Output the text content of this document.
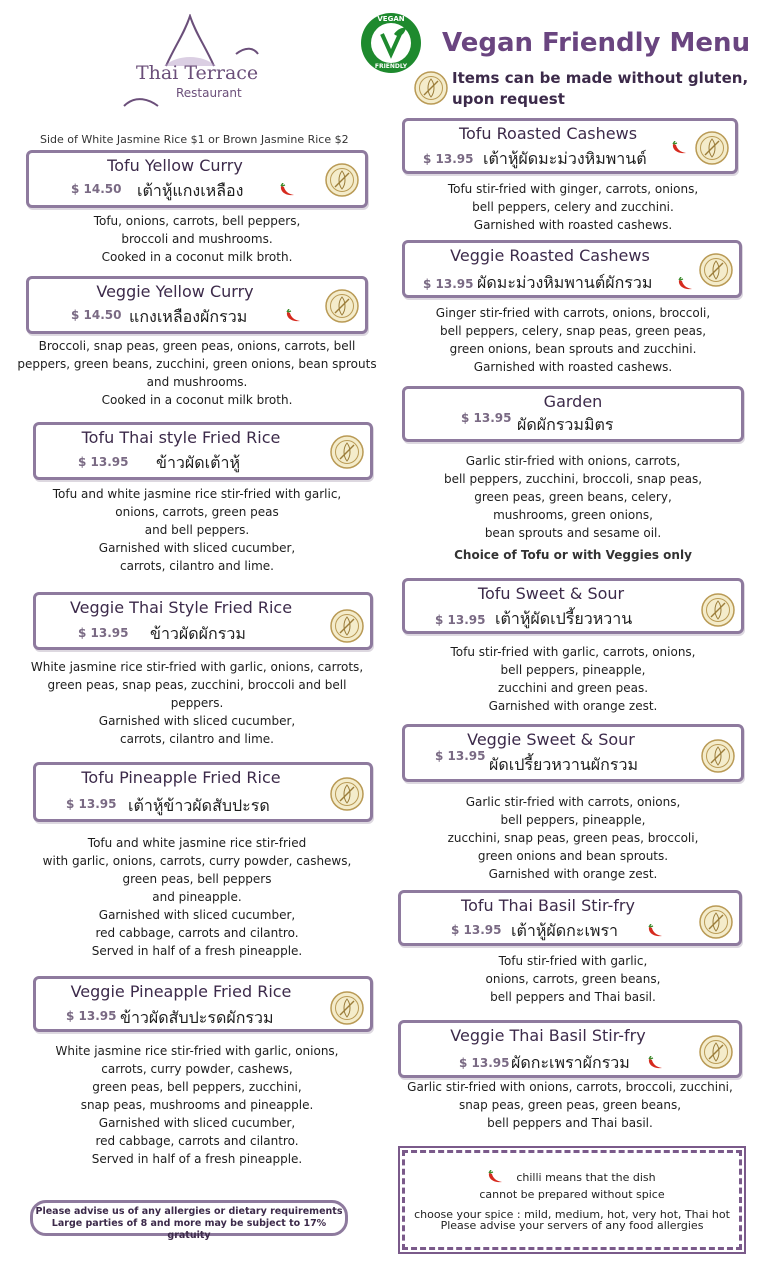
Thai Terrace
Restaurant
VEGAN
FRIENDLY
Vegan Friendly Menu
Items can be made without gluten,
upon request
Side of White Jasmine Rice $1 or Brown Jasmine Rice $2
Tofu Yellow Curry
$ 14.50 เต้าหู้แกงเหลือง
Tofu, onions, carrots, bell peppers,
broccoli and mushrooms.
Cooked in a coconut milk broth.
Veggie Yellow Curry
$ 14.50 แกงเหลืองผักรวม
Broccoli, snap peas, green peas, onions, carrots, bell
peppers, green beans, zucchini, green onions, bean sprouts
and mushrooms.
Cooked in a coconut milk broth.
Tofu Thai style Fried Rice
$ 13.95 ข้าวผัดเต้าหู้
Tofu and white jasmine rice stir-fried with garlic,
onions, carrots, green peas
and bell peppers.
Garnished with sliced cucumber,
carrots, cilantro and lime.
Veggie Thai Style Fried Rice
$ 13.95 ข้าวผัดผักรวม
White jasmine rice stir-fried with garlic, onions, carrots,
green peas, snap peas, zucchini, broccoli and bell
peppers.
Garnished with sliced cucumber,
carrots, cilantro and lime.
Tofu Pineapple Fried Rice
$ 13.95 เต้าหู้ข้าวผัดสับปะรด
Tofu and white jasmine rice stir-fried
with garlic, onions, carrots, curry powder, cashews,
green peas, bell peppers
and pineapple.
Garnished with sliced cucumber,
red cabbage, carrots and cilantro.
Served in half of a fresh pineapple.
Veggie Pineapple Fried Rice
$ 13.95 ข้าวผัดสับปะรดผักรวม
White jasmine rice stir-fried with garlic, onions,
carrots, curry powder, cashews,
green peas, bell peppers, zucchini,
snap peas, mushrooms and pineapple.
Garnished with sliced cucumber,
red cabbage, carrots and cilantro.
Served in half of a fresh pineapple.
Tofu Roasted Cashews
$ 13.95 เต้าหู้ผัดมะม่วงหิมพานต์
Tofu stir-fried with ginger, carrots, onions,
bell peppers, celery and zucchini.
Garnished with roasted cashews.
Veggie Roasted Cashews
$ 13.95 ผัดมะม่วงหิมพานต์ผักรวม
Ginger stir-fried with carrots, onions, broccoli,
bell peppers, celery, snap peas, green peas,
green onions, bean sprouts and zucchini.
Garnished with roasted cashews.
Garden
$ 13.95 ผัดผักรวมมิตร
Garlic stir-fried with onions, carrots,
bell peppers, zucchini, broccoli, snap peas,
green peas, green beans, celery,
mushrooms, green onions,
bean sprouts and sesame oil.
Choice of Tofu or with Veggies only
Tofu Sweet & Sour
$ 13.95 เต้าหู้ผัดเปรี้ยวหวาน
Tofu stir-fried with garlic, carrots, onions,
bell peppers, pineapple,
zucchini and green peas.
Garnished with orange zest.
Veggie Sweet & Sour
$ 13.95 ผัดเปรี้ยวหวานผักรวม
Garlic stir-fried with carrots, onions,
bell peppers, pineapple,
zucchini, snap peas, green peas, broccoli,
green onions and bean sprouts.
Garnished with orange zest.
Tofu Thai Basil Stir-fry
$ 13.95 เต้าหู้ผัดกะเพรา
Tofu stir-fried with garlic,
onions, carrots, green beans,
bell peppers and Thai basil.
Veggie Thai Basil Stir-fry
$ 13.95 ผัดกะเพราผักรวม
Garlic stir-fried with onions, carrots, broccoli, zucchini,
snap peas, green peas, green beans,
bell peppers and Thai basil.
Please advise us of any allergies or dietary requirements
Large parties of 8 and more may be subject to 17% gratuity
chilli means that the dish
cannot be prepared without spice
choose your spice : mild, medium, hot, very hot, Thai hot
Please advise your servers of any food allergies
